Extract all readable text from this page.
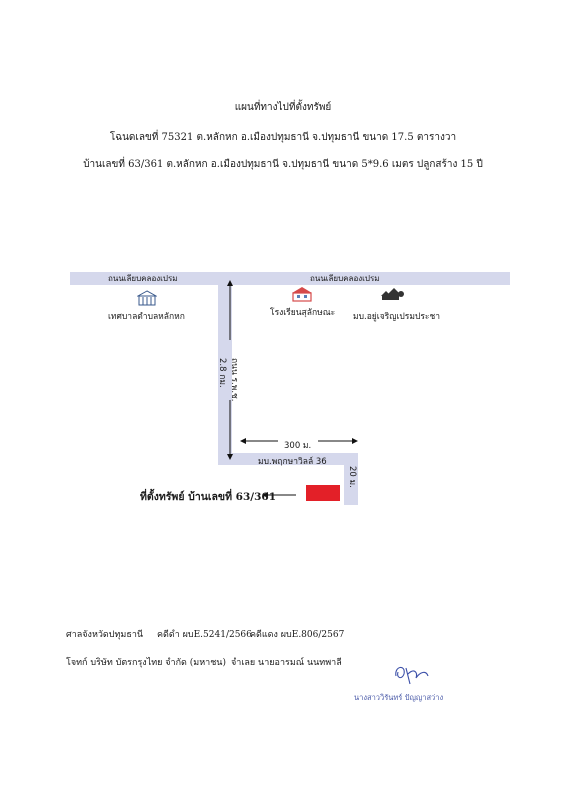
แผนที่ทางไปที่ตั้งทรัพย์
โฉนดเลขที่ 75321 ต.หลักหก อ.เมืองปทุมธานี จ.ปทุมธานี ขนาด 17.5 ตารางวา
บ้านเลขที่ 63/361 ต.หลักหก อ.เมืองปทุมธานี จ.ปทุมธานี ขนาด 5*9.6 เมตร ปลูกสร้าง 15 ปี
ถนนเลียบคลองเปรม	ถนนเลียบคลองเปรม
ถนน ร.พ.ช.
2.8 กม.
300 ม.
มบ.พฤกษาวิลล์ 36
20 ม.
ที่ตั้งทรัพย์ บ้านเลขที่ 63/361
เทศบาลตำบลหลักหก	โรงเรียนสุลักษณะ มบ.อยู่เจริญเปรมประชา
ศาลจังหวัดปทุมธานี คดีดำ ผบE.5241/2566
คดีแดง ผบE.806/2567
โจทก์ บริษัท บัตรกรุงไทย จำกัด (มหาชน) จำเลย นายอารมณ์ นนทพาลี
นางสาววิรันทร์ ปัญญาสว่าง
